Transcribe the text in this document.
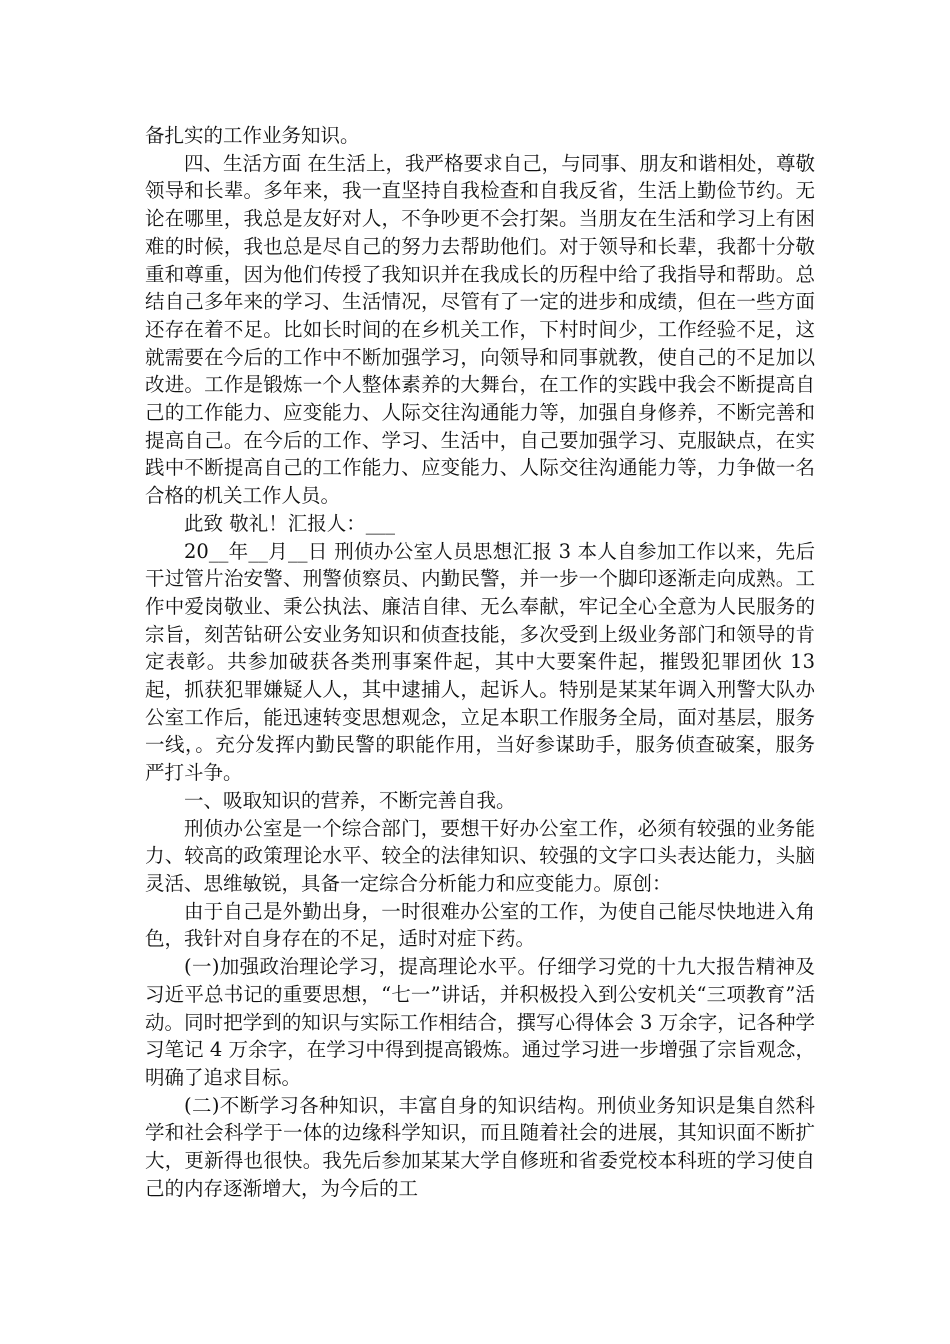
备扎实的工作业务知识。

四、生活方面 在生活上，我严格要求自己，与同事、朋友和谐相处，尊敬领导和长辈。多年来，我一直坚持自我检查和自我反省，生活上勤俭节约。无论在哪里，我总是友好对人，不争吵更不会打架。当朋友在生活和学习上有困难的时候，我也总是尽自己的努力去帮助他们。对于领导和长辈，我都十分敬重和尊重，因为他们传授了我知识并在我成长的历程中给了我指导和帮助。总结自己多年来的学习、生活情况，尽管有了一定的进步和成绩，但在一些方面还存在着不足。比如长时间的在乡机关工作，下村时间少，工作经验不足，这就需要在今后的工作中不断加强学习，向领导和同事就教，使自己的不足加以改进。工作是锻炼一个人整体素养的大舞台，在工作的实践中我会不断提高自己的工作能力、应变能力、人际交往沟通能力等，加强自身修养，不断完善和提高自己。在今后的工作、学习、生活中，自己要加强学习、克服缺点，在实践中不断提高自己的工作能力、应变能力、人际交往沟通能力等，力争做一名合格的机关工作人员。

此致 敬礼！汇报人：___

20__年__月__日 刑侦办公室人员思想汇报 3 本人自参加工作以来，先后干过管片治安警、刑警侦察员、内勤民警，并一步一个脚印逐渐走向成熟。工作中爱岗敬业、秉公执法、廉洁自律、无么奉献，牢记全心全意为人民服务的宗旨，刻苦钻研公安业务知识和侦查技能，多次受到上级业务部门和领导的肯定表彰。共参加破获各类刑事案件起，其中大要案件起，摧毁犯罪团伙 13 起，抓获犯罪嫌疑人人，其中逮捕人，起诉人。特别是某某年调入刑警大队办公室工作后，能迅速转变思想观念，立足本职工作服务全局，面对基层，服务一线，。充分发挥内勤民警的职能作用，当好参谋助手，服务侦查破案，服务严打斗争。

一、吸取知识的营养，不断完善自我。

刑侦办公室是一个综合部门，要想干好办公室工作，必须有较强的业务能力、较高的政策理论水平、较全的法律知识、较强的文字口头表达能力，头脑灵活、思维敏锐，具备一定综合分析能力和应变能力。原创：

由于自己是外勤出身，一时很难办公室的工作，为使自己能尽快地进入角色，我针对自身存在的不足，适时对症下药。

(一)加强政治理论学习，提高理论水平。仔细学习党的十九大报告精神及习近平总书记的重要思想，“七一”讲话，并积极投入到公安机关“三项教育”活动。同时把学到的知识与实际工作相结合，撰写心得体会 3 万余字，记各种学习笔记 4 万余字，在学习中得到提高锻炼。通过学习进一步增强了宗旨观念，明确了追求目标。

(二)不断学习各种知识，丰富自身的知识结构。刑侦业务知识是集自然科学和社会科学于一体的边缘科学知识，而且随着社会的进展，其知识面不断扩大，更新得也很快。我先后参加某某大学自修班和省委党校本科班的学习使自己的内存逐渐增大，为今后的工
